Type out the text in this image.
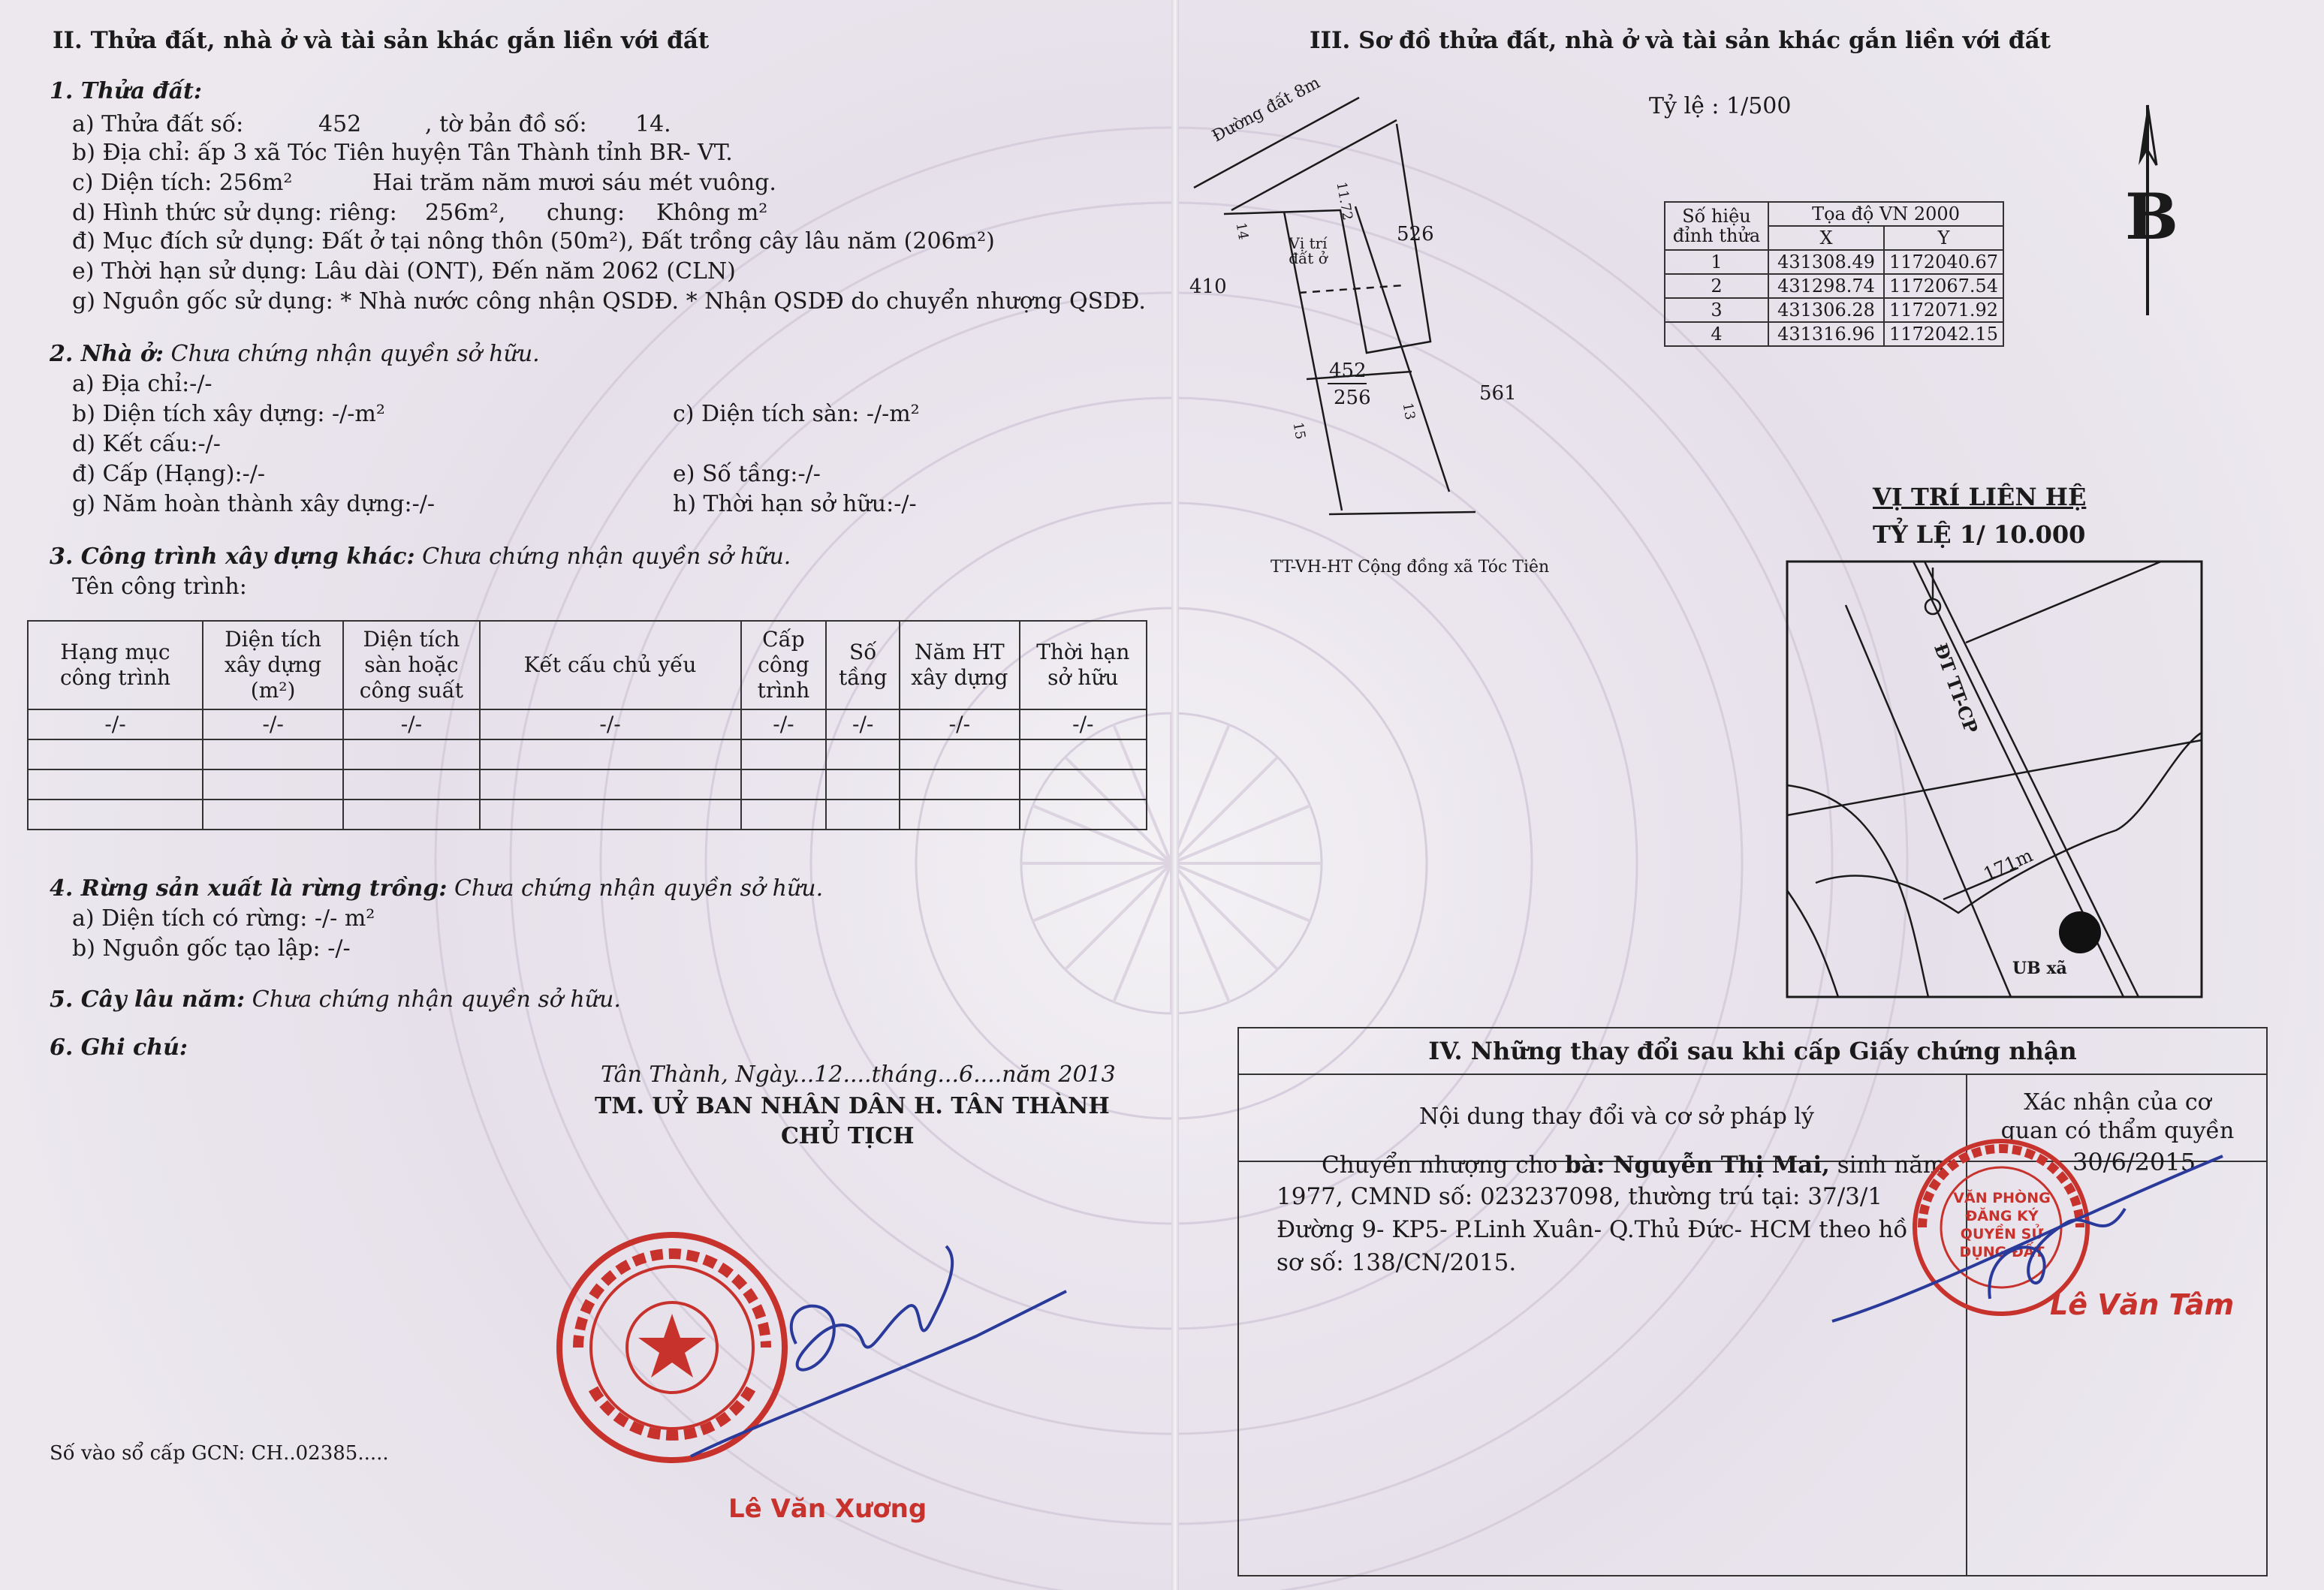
II. Thửa đất, nhà ở và tài sản khác gắn liền với đất
1. Thửa đất:
a) Thửa đất số:	452	, tờ bản đồ số: 14.
b) Địa chỉ: ấp 3 xã Tóc Tiên huyện Tân Thành tỉnh BR- VT.
c) Diện tích: 256m²	Hai trăm năm mươi sáu mét vuông.
d) Hình thức sử dụng: riêng: 256m², chung: Không m²
đ) Mục đích sử dụng: Đất ở tại nông thôn (50m²), Đất trồng cây lâu năm (206m²)
e) Thời hạn sử dụng: Lâu dài (ONT), Đến năm 2062 (CLN)
g) Nguồn gốc sử dụng: * Nhà nước công nhận QSDĐ. * Nhận QSDĐ do chuyển nhượng QSDĐ.
2. Nhà ở: Chưa chứng nhận quyền sở hữu.
a) Địa chỉ:-/-
b) Diện tích xây dựng: -/-m²	c) Diện tích sàn: -/-m²
d) Kết cấu:-/-
đ) Cấp (Hạng):-/-	e) Số tầng:-/-
g) Năm hoàn thành xây dựng:-/-	h) Thời hạn sở hữu:-/-
3. Công trình xây dựng khác: Chưa chứng nhận quyền sở hữu.
Tên công trình:
Hạng mục công trình	Diện tích xây dựng (m²)	Diện tích sàn hoặc công suất	Kết cấu chủ yếu	Cấp công trình	Số tầng	Năm HT xây dựng	Thời hạn sở hữu
-/-	-/-	-/-	-/-	-/-	-/-	-/-	-/-

4. Rừng sản xuất là rừng trồng: Chưa chứng nhận quyền sở hữu.
a) Diện tích có rừng: -/- m²
b) Nguồn gốc tạo lập: -/-
5. Cây lâu năm: Chưa chứng nhận quyền sở hữu.
6. Ghi chú:
Tân Thành, Ngày...12....tháng...6....năm 2013
TM. UỶ BAN NHÂN DÂN H. TÂN THÀNH
CHỦ TỊCH
Lê Văn Xương
Số vào sổ cấp GCN: CH..02385.....
III. Sơ đồ thửa đất, nhà ở và tài sản khác gắn liền với đất
Tỷ lệ : 1/500
B
Đường đất 8m
410
526
561
Vị trí đất ở
452
256
11.72
13
14
15
TT-VH-HT Cộng đồng xã Tóc Tiên
Số hiệu đỉnh thửa	Tọa độ VN 2000	
	X	Y
1	431308.49	1172040.67
2	431298.74	1172067.54
3	431306.28	1172071.92
4	431316.96	1172042.15
VỊ TRÍ LIÊN HỆ
TỶ LỆ 1/ 10.000
ĐT TT-CP
171m
UB xã
IV. Những thay đổi sau khi cấp Giấy chứng nhận
Nội dung thay đổi và cơ sở pháp lý
Xác nhận của cơ quan có thẩm quyền
Chuyển nhượng cho bà: Nguyễn Thị Mai, sinh năm
1977, CMND số: 023237098, thường trú tại: 37/3/1
Đường 9- KP5- P.Linh Xuân- Q.Thủ Đức- HCM theo hồ
sơ số: 138/CN/2015.
30/6/2015
VĂN PHÒNG ĐĂNG KÝ QUYỀN SỬ DỤNG ĐẤT
Lê Văn Tâm
